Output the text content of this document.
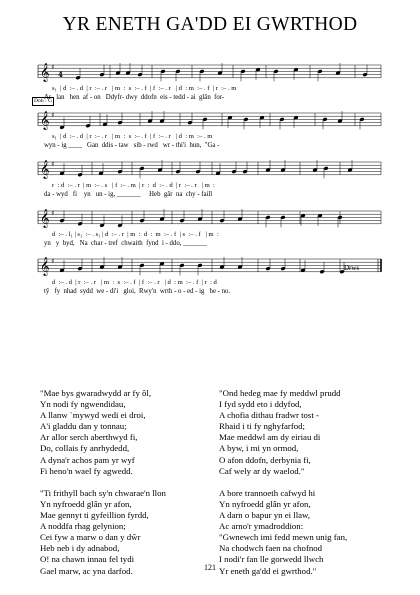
YR ENETH GA'DD EI GWRTHOD
𝄞 ♯
4
𝄞 ♯
𝄞 ♯
𝄞 ♯
𝄞 ♯
Doh : G
Drws
s₁  | d  :– . d  | r  :– . r   | m  :  s  :– . f  | f  :– . r   | d  : m  :– . f  | r  :– . m
Ar   lan   hen  af - on   Ddyfr- dwy  ddofn  eis - tedd - ai  glân  for-
s₁  | d  :– . d  | r  :– . r   | m  :  s  :– . f  | f  :– . r   | d  : m  :– . m
wyn - ig ____   Gan  ddis - taw   sib - rwd   wr - thi'i  hun,  "Ga -
r  : d  :– . r  | m  :– . s   | f  :– . m  | r  :  d  :– . d  | r  :– . r   | m  :
da - wyd   fi    yn   un - ig, _______     Heb  gâr  na  chy - faill
d  :– . l₁ | s₁  :– . s₁ | d  :– . r  | m  :  d  :  m  :– . f  | s  :– . f   | m  :
yn   y  byd,   Na  char - tref  chwaith  fynd  i - ddo, _______
d  :– . d  | r  :– . r   | m  :  s  :– . f  | f  :– . r   | d  : m  :– . f  | r  : d
tŷ   fy  nhad  sydd  we - di'i   gloi,  Rwy'n  wrth - o - ed - ig   he - no.

"Mae bys gwaradwydd ar fy ôl,
Yn nodi fy ngwendidau,
A llanw `mywyd wedi ei droi,
A'i gladdu dan y tonnau;
Ar allor serch aberthwyd fi,
Do, collais fy anrhydedd,
A dyna'r achos pam yr wyf
Fi heno'n wael fy agwedd.

"Ti frithyll bach sy'n chwarae'n llon
Yn nyfroedd glân yr afon,
Mae gennyt ti gyfeillion fyrdd,
A noddfa rhag gelynion;
Cei fyw a marw o dan y dŵr
Heb neb i dy adnabod,
O! na chawn innau fel tydi
Gael marw, ac yna darfod.

"Ond hedeg mae fy meddwl prudd
I fyd sydd eto i ddyfod,
A chofia dithau fradwr tost -
Rhaid i ti fy nghyfarfod;
Mae meddwl am dy eiriau di
A byw, i mi yn ormod,
O afon ddofn, derbynia fi,
Caf wely ar dy waelod."

A bore trannoeth cafwyd hi
Yn nyfroedd glân yr afon,
A darn o bapur yn ei llaw,
Ac arno'r ymadroddion:
"Gwnewch imi fedd mewn unig fan,
Na chodwch faen na chofnod
I nodi'r fan lle gorwedd llwch
Yr eneth ga'dd ei gwrthod."

121
